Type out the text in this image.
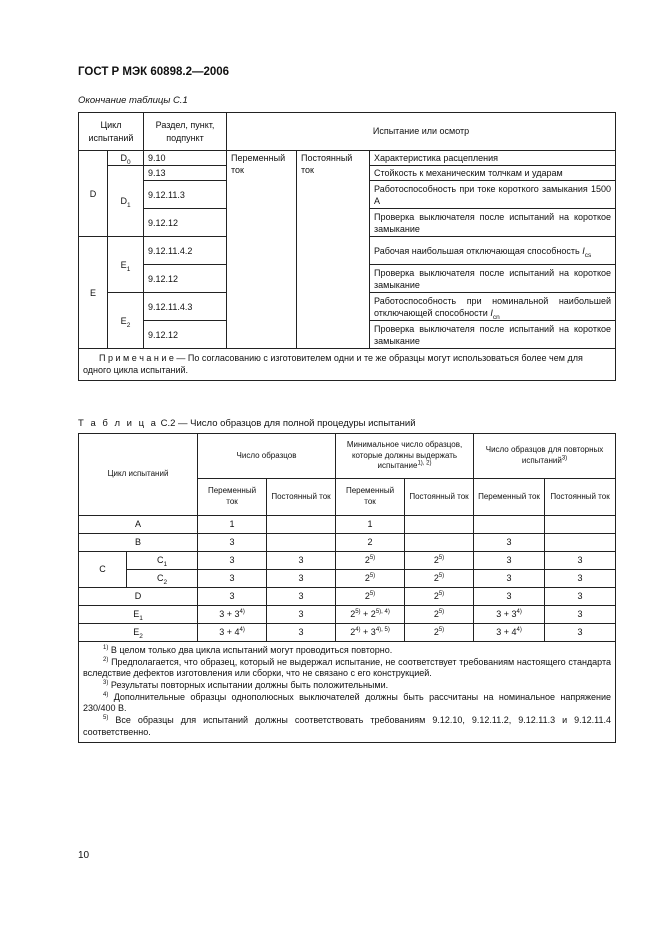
ГОСТ Р МЭК 60898.2—2006
Окончание таблицы С.1
Цикл испытаний		Раздел, пункт, подпункт	Испытание или осмотр		
D	$D_0$	9.10	Переменный ток	Постоянный ток	Характеристика расцепления
	$D_1$	9.13			Стойкость к механическим толчкам и ударам
		9.12.11.3			Работоспособность при токе короткого замыкания 1500 А
		9.12.12			Проверка выключателя после испытаний на короткое замыкание
E	$E_1$	9.12.11.4.2			Рабочая наибольшая отключающая способность $I_{cs}$
		9.12.12			Проверка выключателя после испытаний на короткое замыкание
	$E_2$	9.12.11.4.3			Работоспособность при номинальной наибольшей отключающей способности $I_{cn}$
		9.12.12			Проверка выключателя после испытаний на короткое замыкание
П р и м е ч а н и е — По согласованию с изготовителем одни и те же образцы могут использоваться более чем для одного цикла испытаний.					
Т а б л и ц а С.2 — Число образцов для полной процедуры испытаний
Цикл испытаний		Число образцов		Минимальное число образцов, которые должны выдержать испытание$^{1), 2)}$		Число образцов для повторных испытаний$^{3)}$
		Переменный ток	Постоянный ток	Переменный ток	Постоянный ток	Переменный ток	Постоянный ток
A		1		1			
B		3		2		3	
C	$C_1$	3	3	2$^{5)}$	2$^{5)}$	3	3
	$C_2$	3	3	2$^{5)}$	2$^{5)}$	3	3
D		3	3	2$^{5)}$	2$^{5)}$	3	3
$E_1$		$3 + 3^{4)}$	3	$2^{5)} + 2^{5), 4)}$	2$^{5)}$	$3 + 3^{4)}$	3
$E_2$		$3 + 4^{4)}$	3	$2^{4)} + 3^{4), 5)}$	2$^{5)}$	$3 + 4^{4)}$	3

$^{1)}$ В целом только два цикла испытаний могут проводиться повторно.
$^{2)}$ Предполагается, что образец, который не выдержал испытание, не соответствует требованиям настоящего стандарта вследствие дефектов изготовления или сборки, что не связано с его конструкцией.
$^{3)}$ Результаты повторных испытании должны быть положительными.
$^{4)}$ Дополнительные образцы однополюсных выключателей должны быть рассчитаны на номинальное напряжение 230/400 В.
$^{5)}$ Все образцы для испытаний должны соответствовать требованиям 9.12.10, 9.12.11.2, 9.12.11.3 и 9.12.11.4 соответственно.							
10
